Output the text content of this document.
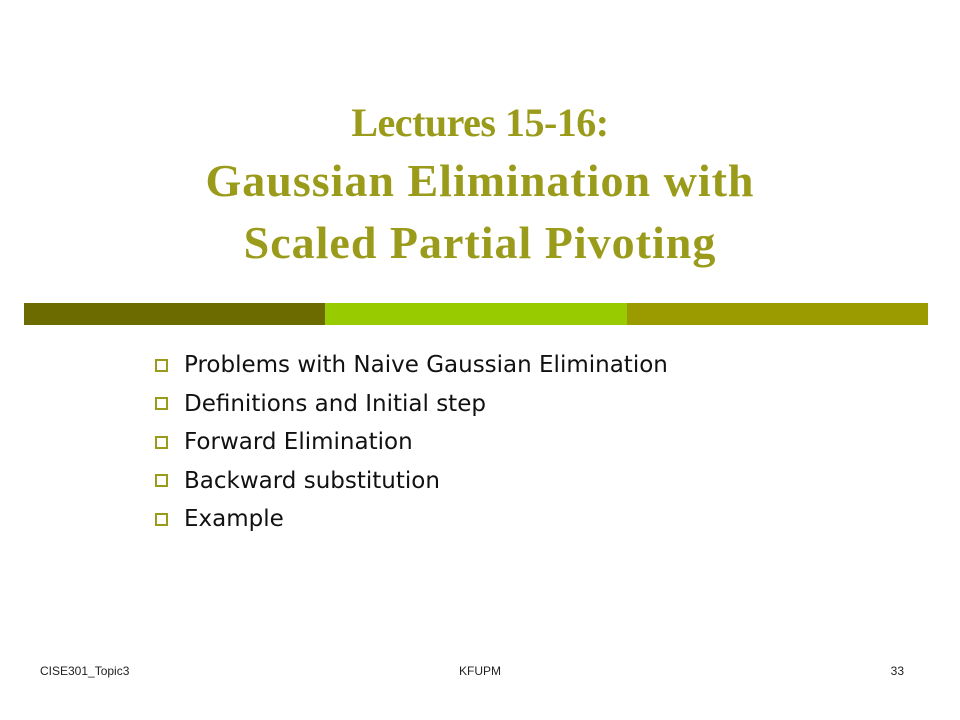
Lectures 15-16:
Gaussian Elimination with
Scaled Partial Pivoting
Problems with Naive Gaussian Elimination
Definitions and Initial step
Forward Elimination
Backward substitution
Example
CISE301_Topic3	KFUPM	33
